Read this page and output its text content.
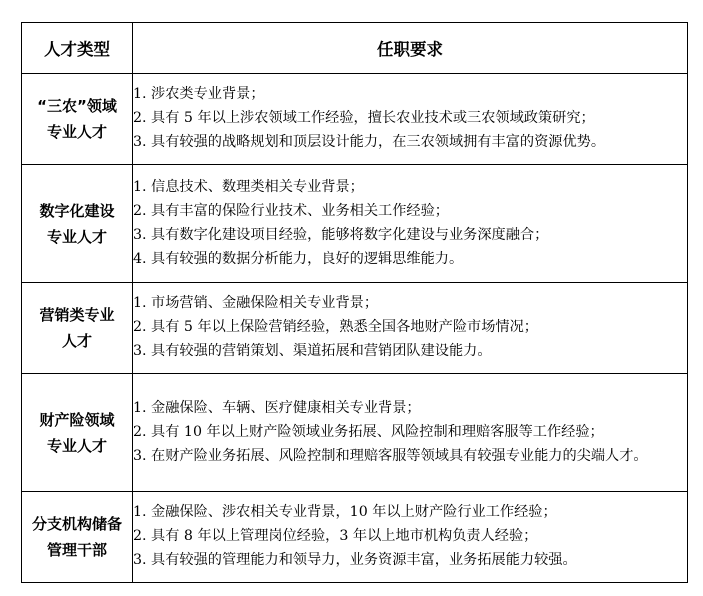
人才类型	任职要求

“三农”领域
专业人才	1. 涉农类专业背景；
2. 具有 5 年以上涉农领域工作经验，擅长农业技术或三农领域政策研究；
3. 具有较强的战略规划和顶层设计能力，在三农领域拥有丰富的资源优势。

数字化建设
专业人才	1. 信息技术、数理类相关专业背景；
2. 具有丰富的保险行业技术、业务相关工作经验；
3. 具有数字化建设项目经验，能够将数字化建设与业务深度融合；
4. 具有较强的数据分析能力，良好的逻辑思维能力。

营销类专业
人才	1. 市场营销、金融保险相关专业背景；
2. 具有 5 年以上保险营销经验，熟悉全国各地财产险市场情况；
3. 具有较强的营销策划、渠道拓展和营销团队建设能力。

财产险领域
专业人才	1. 金融保险、车辆、医疗健康相关专业背景；
2. 具有 10 年以上财产险领域业务拓展、风险控制和理赔客服等工作经验；
3. 在财产险业务拓展、风险控制和理赔客服等领域具有较强专业能力的尖端人才。

分支机构储备
管理干部	1. 金融保险、涉农相关专业背景，10 年以上财产险行业工作经验；
2. 具有 8 年以上管理岗位经验，3 年以上地市机构负责人经验；
3. 具有较强的管理能力和领导力，业务资源丰富，业务拓展能力较强。
